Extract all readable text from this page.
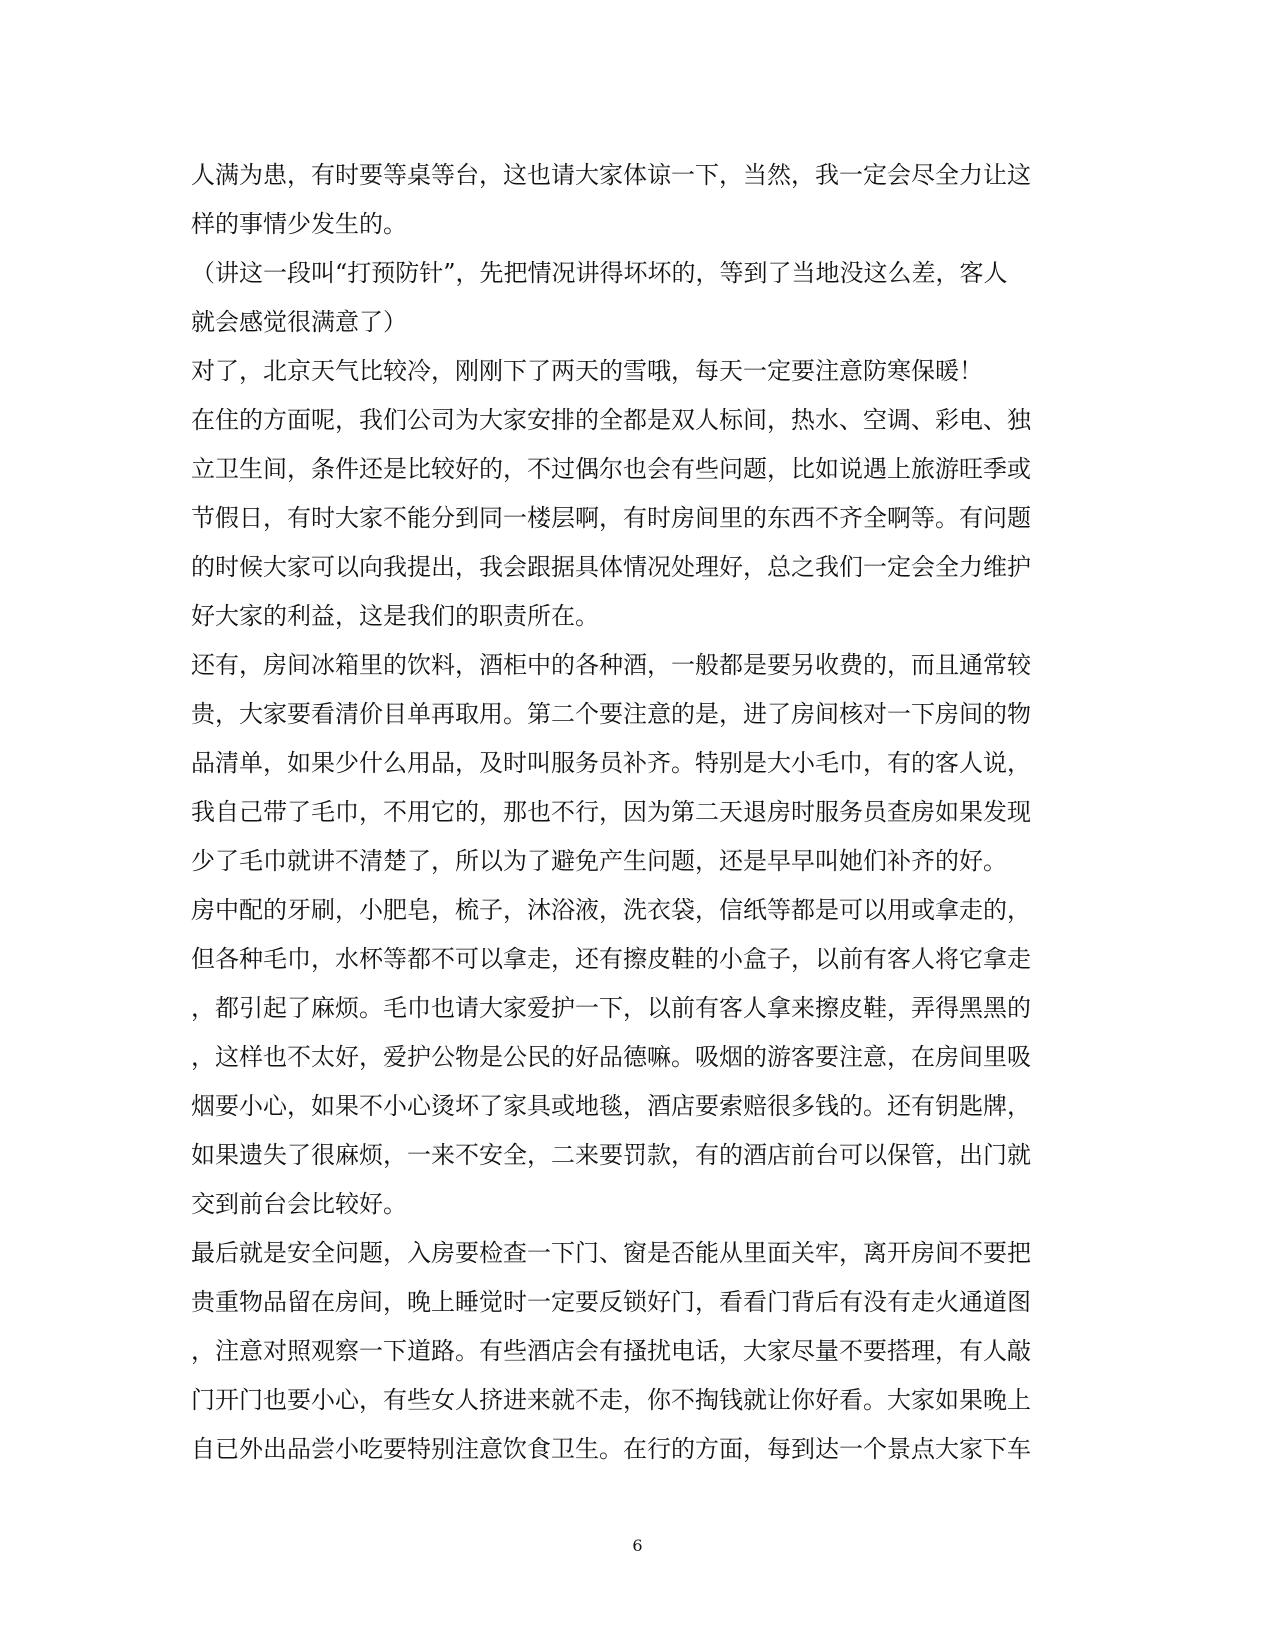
人满为患，有时要等桌等台，这也请大家体谅一下，当然，我一定会尽全力让这
样的事情少发生的。
（讲这一段叫“打预防针”，先把情况讲得坏坏的，等到了当地没这么差，客人
就会感觉很满意了）
对了，北京天气比较冷，刚刚下了两天的雪哦，每天一定要注意防寒保暖！
在住的方面呢，我们公司为大家安排的全都是双人标间，热水、空调、彩电、独
立卫生间，条件还是比较好的，不过偶尔也会有些问题，比如说遇上旅游旺季或
节假日，有时大家不能分到同一楼层啊，有时房间里的东西不齐全啊等。有问题
的时候大家可以向我提出，我会跟据具体情况处理好，总之我们一定会全力维护
好大家的利益，这是我们的职责所在。
还有，房间冰箱里的饮料，酒柜中的各种酒，一般都是要另收费的，而且通常较
贵，大家要看清价目单再取用。第二个要注意的是，进了房间核对一下房间的物
品清单，如果少什么用品，及时叫服务员补齐。特别是大小毛巾，有的客人说，
我自己带了毛巾，不用它的，那也不行，因为第二天退房时服务员查房如果发现
少了毛巾就讲不清楚了，所以为了避免产生问题，还是早早叫她们补齐的好。
房中配的牙刷，小肥皂，梳子，沐浴液，洗衣袋，信纸等都是可以用或拿走的，
但各种毛巾，水杯等都不可以拿走，还有擦皮鞋的小盒子，以前有客人将它拿走
，都引起了麻烦。毛巾也请大家爱护一下，以前有客人拿来擦皮鞋，弄得黑黑的
，这样也不太好，爱护公物是公民的好品德嘛。吸烟的游客要注意，在房间里吸
烟要小心，如果不小心烫坏了家具或地毯，酒店要索赔很多钱的。还有钥匙牌，
如果遗失了很麻烦，一来不安全，二来要罚款，有的酒店前台可以保管，出门就
交到前台会比较好。
最后就是安全问题，入房要检查一下门、窗是否能从里面关牢，离开房间不要把
贵重物品留在房间，晚上睡觉时一定要反锁好门，看看门背后有没有走火通道图
，注意对照观察一下道路。有些酒店会有搔扰电话，大家尽量不要搭理，有人敲
门开门也要小心，有些女人挤进来就不走，你不掏钱就让你好看。大家如果晚上
自已外出品尝小吃要特别注意饮食卫生。在行的方面，每到达一个景点大家下车
6
